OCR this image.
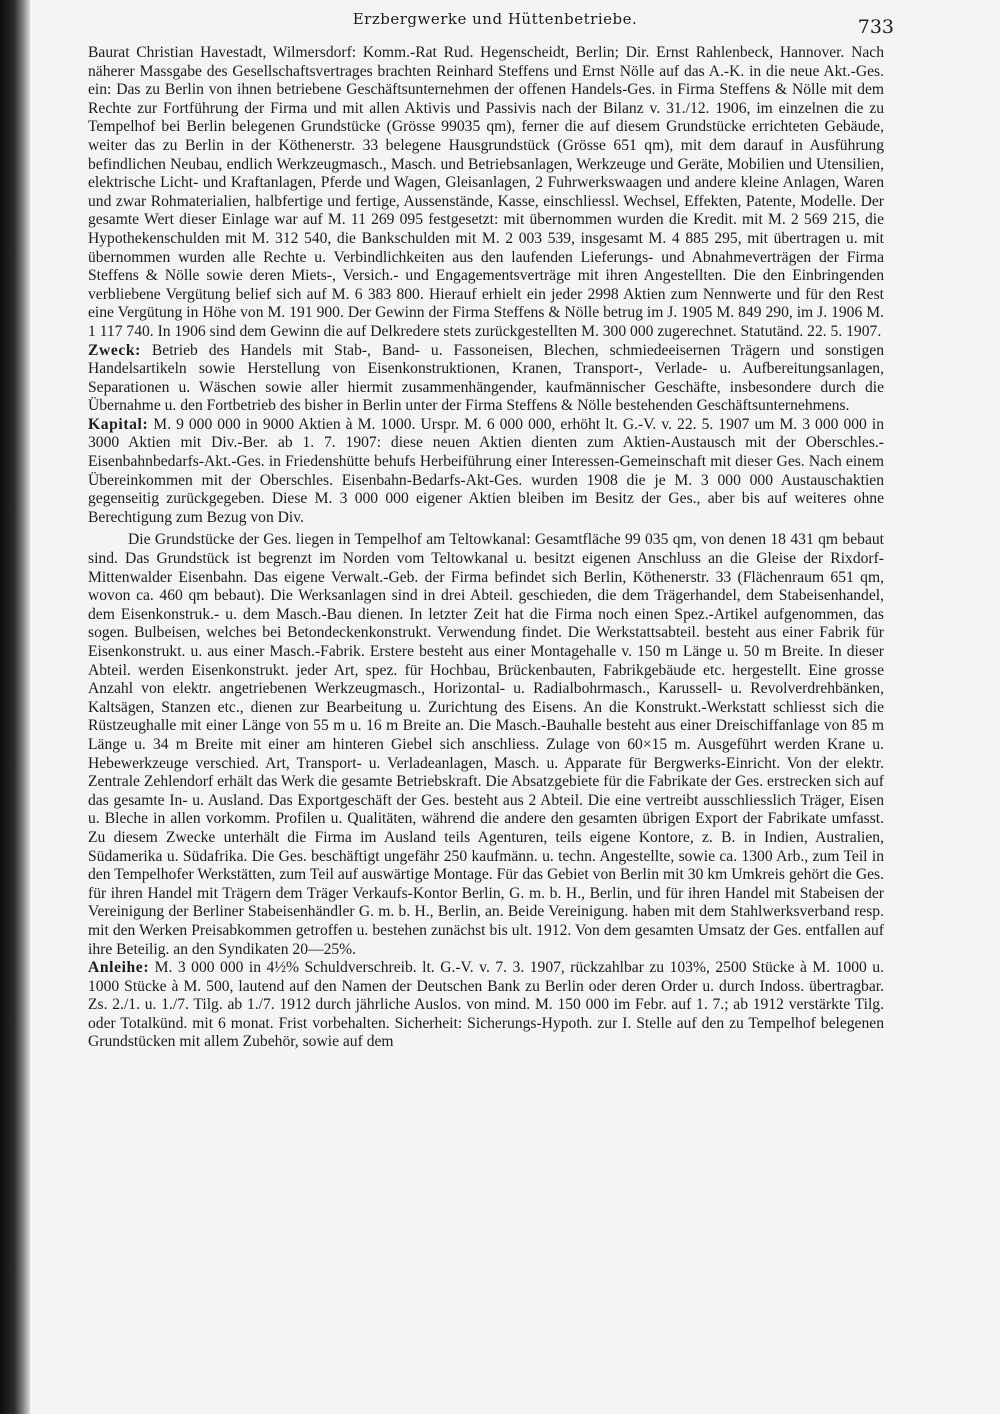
Erzbergwerke und Hüttenbetriebe.	733

Baurat Christian Havestadt, Wilmersdorf: Komm.-Rat Rud. Hegenscheidt, Berlin; Dir. Ernst Rahlenbeck, Hannover. Nach näherer Massgabe des Gesellschaftsvertrages brachten Reinhard Steffens und Ernst Nölle auf das A.-K. in die neue Akt.-Ges. ein: Das zu Berlin von ihnen betriebene Geschäftsunternehmen der offenen Handels-Ges. in Firma Steffens & Nölle mit dem Rechte zur Fortführung der Firma und mit allen Aktivis und Passivis nach der Bilanz v. 31./12. 1906, im einzelnen die zu Tempelhof bei Berlin belegenen Grundstücke (Grösse 99035 qm), ferner die auf diesem Grundstücke errichteten Gebäude, weiter das zu Berlin in der Köthenerstr. 33 belegene Hausgrundstück (Grösse 651 qm), mit dem darauf in Ausführung befindlichen Neubau, endlich Werkzeugmasch., Masch. und Betriebsanlagen, Werkzeuge und Geräte, Mobilien und Utensilien, elektrische Licht- und Kraftanlagen, Pferde und Wagen, Gleisanlagen, 2 Fuhrwerkswaagen und andere kleine Anlagen, Waren und zwar Rohmaterialien, halbfertige und fertige, Aussenstände, Kasse, einschliessl. Wechsel, Effekten, Patente, Modelle. Der gesamte Wert dieser Einlage war auf M. 11 269 095 festgesetzt: mit übernommen wurden die Kredit. mit M. 2 569 215, die Hypothekenschulden mit M. 312 540, die Bankschulden mit M. 2 003 539, insgesamt M. 4 885 295, mit übertragen u. mit übernommen wurden alle Rechte u. Verbindlichkeiten aus den laufenden Lieferungs- und Abnahmeverträgen der Firma Steffens & Nölle sowie deren Miets-, Versich.- und Engagementsverträge mit ihren Angestellten. Die den Einbringenden verbliebene Vergütung belief sich auf M. 6 383 800. Hierauf erhielt ein jeder 2998 Aktien zum Nennwerte und für den Rest eine Vergütung in Höhe von M. 191 900. Der Gewinn der Firma Steffens & Nölle betrug im J. 1905 M. 849 290, im J. 1906 M. 1 117 740. In 1906 sind dem Gewinn die auf Delkredere stets zurückgestellten M. 300 000 zugerechnet. Statutänd. 22. 5. 1907.

Zweck: Betrieb des Handels mit Stab-, Band- u. Fassoneisen, Blechen, schmiedeeisernen Trägern und sonstigen Handelsartikeln sowie Herstellung von Eisenkonstruktionen, Kranen, Transport-, Verlade- u. Aufbereitungsanlagen, Separationen u. Wäschen sowie aller hiermit zusammenhängender, kaufmännischer Geschäfte, insbesondere durch die Übernahme u. den Fortbetrieb des bisher in Berlin unter der Firma Steffens & Nölle bestehenden Geschäftsunternehmens.

Kapital: M. 9 000 000 in 9000 Aktien à M. 1000. Urspr. M. 6 000 000, erhöht lt. G.-V. v. 22. 5. 1907 um M. 3 000 000 in 3000 Aktien mit Div.-Ber. ab 1. 7. 1907: diese neuen Aktien dienten zum Aktien-Austausch mit der Oberschles.-Eisenbahnbedarfs-Akt.-Ges. in Friedenshütte behufs Herbeiführung einer Interessen-Gemeinschaft mit dieser Ges. Nach einem Übereinkommen mit der Oberschles. Eisenbahn-Bedarfs-Akt-Ges. wurden 1908 die je M. 3 000 000 Austauschaktien gegenseitig zurückgegeben. Diese M. 3 000 000 eigener Aktien bleiben im Besitz der Ges., aber bis auf weiteres ohne Berechtigung zum Bezug von Div.

Die Grundstücke der Ges. liegen in Tempelhof am Teltowkanal: Gesamtfläche 99 035 qm, von denen 18 431 qm bebaut sind. Das Grundstück ist begrenzt im Norden vom Teltowkanal u. besitzt eigenen Anschluss an die Gleise der Rixdorf-Mittenwalder Eisenbahn. Das eigene Verwalt.-Geb. der Firma befindet sich Berlin, Köthenerstr. 33 (Flächenraum 651 qm, wovon ca. 460 qm bebaut). Die Werksanlagen sind in drei Abteil. geschieden, die dem Trägerhandel, dem Stabeisenhandel, dem Eisenkonstruk.- u. dem Masch.-Bau dienen. In letzter Zeit hat die Firma noch einen Spez.-Artikel aufgenommen, das sogen. Bulbeisen, welches bei Betondeckenkonstrukt. Verwendung findet. Die Werkstattsabteil. besteht aus einer Fabrik für Eisenkonstrukt. u. aus einer Masch.-Fabrik. Erstere besteht aus einer Montagehalle v. 150 m Länge u. 50 m Breite. In dieser Abteil. werden Eisenkonstrukt. jeder Art, spez. für Hochbau, Brückenbauten, Fabrikgebäude etc. hergestellt. Eine grosse Anzahl von elektr. angetriebenen Werkzeugmasch., Horizontal- u. Radialbohrmasch., Karussell- u. Revolverdrehbänken, Kaltsägen, Stanzen etc., dienen zur Bearbeitung u. Zurichtung des Eisens. An die Konstrukt.-Werkstatt schliesst sich die Rüstzeughalle mit einer Länge von 55 m u. 16 m Breite an. Die Masch.-Bauhalle besteht aus einer Dreischiffanlage von 85 m Länge u. 34 m Breite mit einer am hinteren Giebel sich anschliess. Zulage von 60×15 m. Ausgeführt werden Krane u. Hebewerkzeuge verschied. Art, Transport- u. Verladeanlagen, Masch. u. Apparate für Bergwerks-Einricht. Von der elektr. Zentrale Zehlendorf erhält das Werk die gesamte Betriebskraft. Die Absatzgebiete für die Fabrikate der Ges. erstrecken sich auf das gesamte In- u. Ausland. Das Exportgeschäft der Ges. besteht aus 2 Abteil. Die eine vertreibt ausschliesslich Träger, Eisen u. Bleche in allen vorkomm. Profilen u. Qualitäten, während die andere den gesamten übrigen Export der Fabrikate umfasst. Zu diesem Zwecke unterhält die Firma im Ausland teils Agenturen, teils eigene Kontore, z. B. in Indien, Australien, Südamerika u. Südafrika. Die Ges. beschäftigt ungefähr 250 kaufmänn. u. techn. Angestellte, sowie ca. 1300 Arb., zum Teil in den Tempelhofer Werkstätten, zum Teil auf auswärtige Montage. Für das Gebiet von Berlin mit 30 km Umkreis gehört die Ges. für ihren Handel mit Trägern dem Träger Verkaufs-Kontor Berlin, G. m. b. H., Berlin, und für ihren Handel mit Stabeisen der Vereinigung der Berliner Stabeisenhändler G. m. b. H., Berlin, an. Beide Vereinigung. haben mit dem Stahlwerksverband resp. mit den Werken Preisabkommen getroffen u. bestehen zunächst bis ult. 1912. Von dem gesamten Umsatz der Ges. entfallen auf ihre Beteilig. an den Syndikaten 20—25%.

Anleihe: M. 3 000 000 in 4½% Schuldverschreib. lt. G.-V. v. 7. 3. 1907, rückzahlbar zu 103%, 2500 Stücke à M. 1000 u. 1000 Stücke à M. 500, lautend auf den Namen der Deutschen Bank zu Berlin oder deren Order u. durch Indoss. übertragbar. Zs. 2./1. u. 1./7. Tilg. ab 1./7. 1912 durch jährliche Auslos. von mind. M. 150 000 im Febr. auf 1. 7.; ab 1912 verstärkte Tilg. oder Totalkünd. mit 6 monat. Frist vorbehalten. Sicherheit: Sicherungs-Hypoth. zur I. Stelle auf den zu Tempelhof belegenen Grundstücken mit allem Zubehör, sowie auf dem
